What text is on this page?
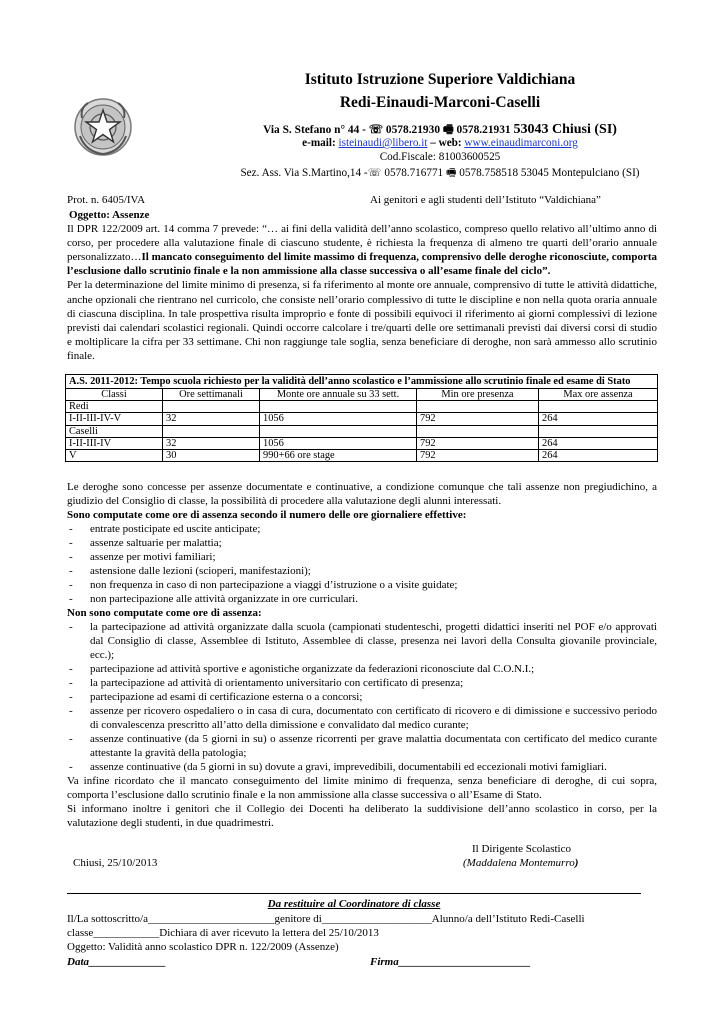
Istituto Istruzione Superiore Valdichiana
Redi-Einaudi-Marconi-Caselli
Via S. Stefano n° 44 - ☏ 0578.21930 🖷 0578.21931 53043 Chiusi (SI)
e-mail: isteinaudi@libero.it – web: www.einaudimarconi.org
Cod.Fiscale: 81003600525
Sez. Ass. Via S.Martino,14 -☏ 0578.716771 🖷 0578.758518 53045 Montepulciano (SI)
Prot. n. 6405/IVA	Ai genitori e agli studenti dell’Istituto “Valdichiana”
Oggetto: Assenze
Il DPR 122/2009 art. 14 comma 7 prevede: “… ai fini della validità dell’anno scolastico, compreso quello relativo all’ultimo anno di corso, per procedere alla valutazione finale di ciascuno studente, è richiesta la frequenza di almeno tre quarti dell’orario annuale personalizzato…Il mancato conseguimento del limite massimo di frequenza, comprensivo delle deroghe riconosciute, comporta l’esclusione dallo scrutinio finale e la non ammissione alla classe successiva o all’esame finale del ciclo”.
Per la determinazione del limite minimo di presenza, si fa riferimento al monte ore annuale, comprensivo di tutte le attività didattiche, anche opzionali che rientrano nel curricolo, che consiste nell’orario complessivo di tutte le discipline e non nella quota oraria annuale di ciascuna disciplina. In tale prospettiva risulta improprio e fonte di possibili equivoci il riferimento ai giorni complessivi di lezione previsti dai calendari scolastici regionali. Quindi occorre calcolare i tre/quarti delle ore settimanali previsti dai diversi corsi di studio e moltiplicare la cifra per 33 settimane. Chi non raggiunge tale soglia, senza beneficiare di deroghe, non sarà ammesso allo scrutinio finale.
A.S. 2011-2012: Tempo scuola richiesto per la validità dell’anno scolastico e l’ammissione allo scrutinio finale ed esame di Stato				
Classi	Ore settimanali	Monte ore annuale su 33 sett.	Min ore presenza	Max ore assenza
Redi				
I-II-III-IV-V	32	1056	792	264
Caselli				
I-II-III-IV	32	1056	792	264
V	30	990+66 ore stage	792	264
Le deroghe sono concesse per assenze documentate e continuative, a condizione comunque che tali assenze non pregiudichino, a giudizio del Consiglio di classe, la possibilità di procedere alla valutazione degli alunni interessati.
Sono computate come ore di assenza secondo il numero delle ore giornaliere effettive:
- entrate posticipate ed uscite anticipate;
- assenze saltuarie per malattia;
- assenze per motivi familiari;
- astensione dalle lezioni (scioperi, manifestazioni);
- non frequenza in caso di non partecipazione a viaggi d’istruzione o a visite guidate;
- non partecipazione alle attività organizzate in ore curriculari.
Non sono computate come ore di assenza:
- la partecipazione ad attività organizzate dalla scuola (campionati studenteschi, progetti didattici inseriti nel POF e/o approvati dal Consiglio di classe, Assemblee di Istituto, Assemblee di classe, presenza nei lavori della Consulta giovanile provinciale, ecc.);
- partecipazione ad attività sportive e agonistiche organizzate da federazioni riconosciute dal C.O.N.I.;
- la partecipazione ad attività di orientamento universitario con certificato di presenza;
- partecipazione ad esami di certificazione esterna o a concorsi;
- assenze per ricovero ospedaliero o in casa di cura, documentato con certificato di ricovero e di dimissione e successivo periodo di convalescenza prescritto all’atto della dimissione e convalidato dal medico curante;
- assenze continuative (da 5 giorni in su) o assenze ricorrenti per grave malattia documentata con certificato del medico curante attestante la gravità della patologia;
- assenze continuative (da 5 giorni in su) dovute a gravi, imprevedibili, documentabili ed eccezionali motivi famigliari.
Va infine ricordato che il mancato conseguimento del limite minimo di frequenza, senza beneficiare di deroghe, di cui sopra, comporta l’esclusione dallo scrutinio finale e la non ammissione alla classe successiva o all’Esame di Stato.
Si informano inoltre i genitori che il Collegio dei Docenti ha deliberato la suddivisione dell’anno scolastico in corso, per la valutazione degli studenti, in due quadrimestri.
Il Dirigente Scolastico
Chiusi, 25/10/2013	(Maddalena Montemurro)
Da restituire al Coordinatore di classe
Il/La sottoscritto/a_______________________genitore di____________________Alunno/a dell’Istituto Redi-Caselli
classe____________Dichiara di aver ricevuto la lettera del 25/10/2013
Oggetto: Validità anno scolastico DPR n. 122/2009 (Assenze)
Data______________	Firma________________________
